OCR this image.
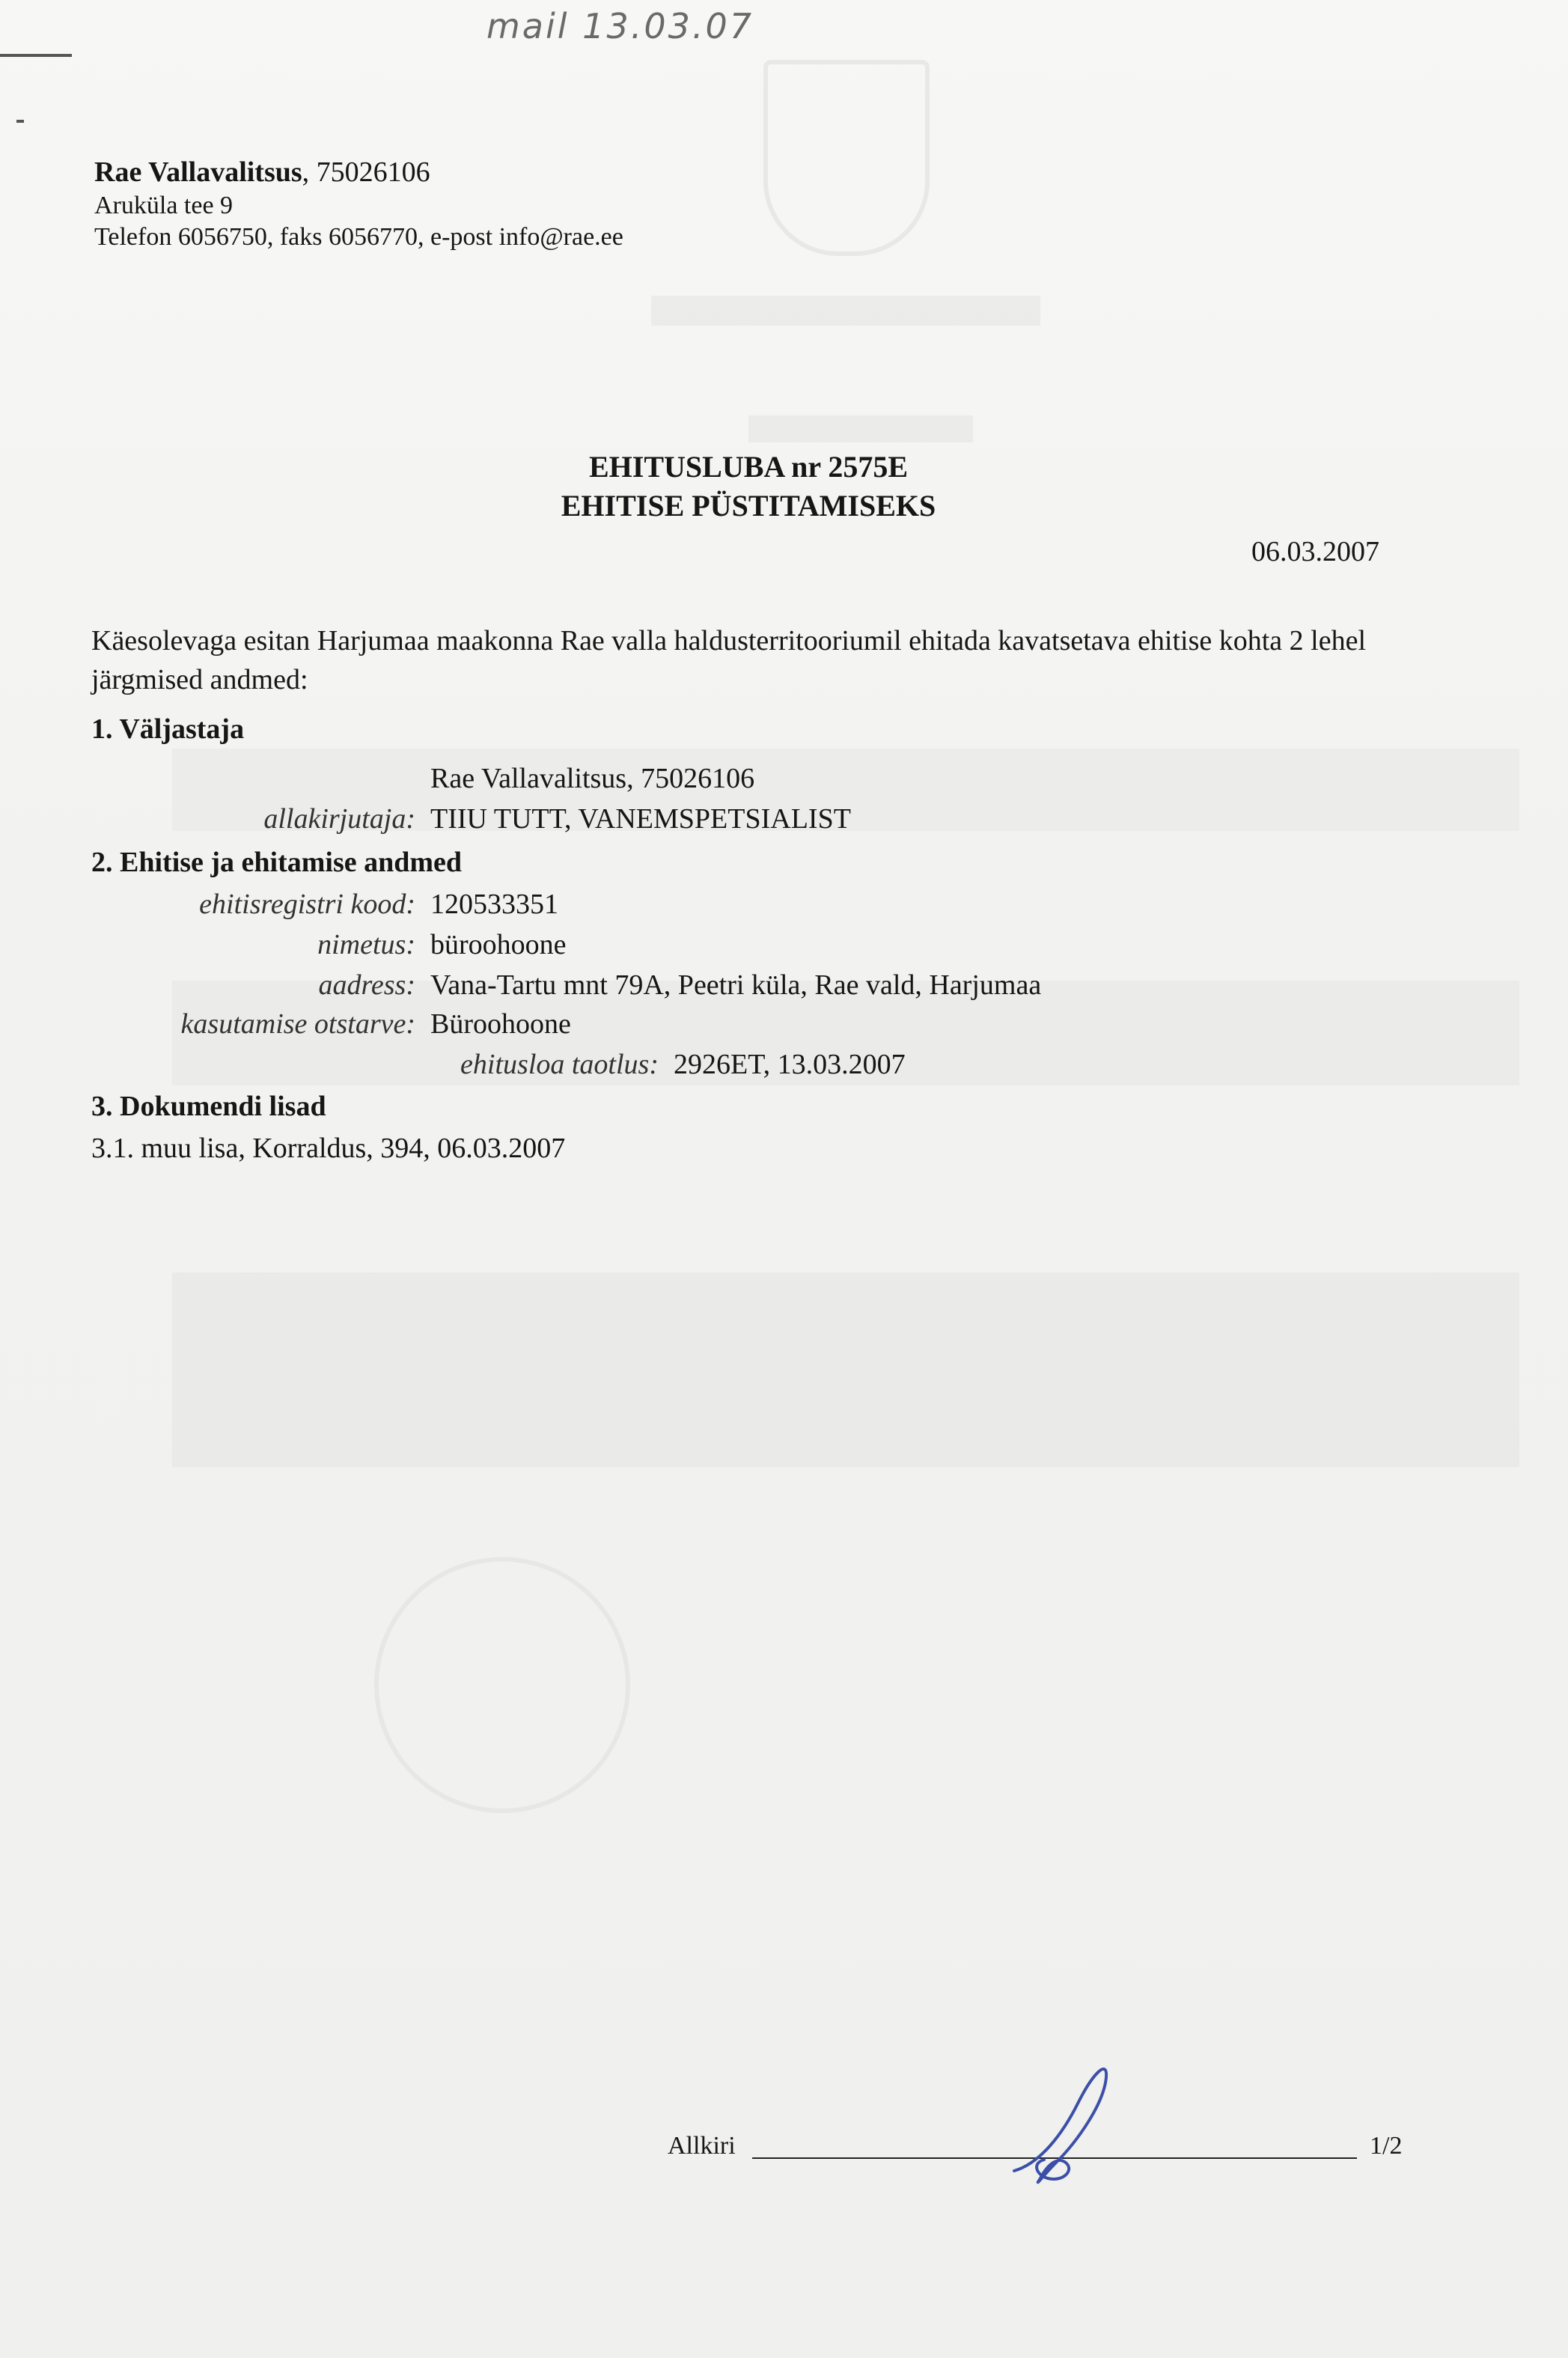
mail 13.03.07
Rae Vallavalitsus, 75026106
Aruküla tee 9
Telefon 6056750, faks 6056770, e-post info@rae.ee
EHITUSLUBA nr 2575E
EHITISE PÜSTITAMISEKS
06.03.2007
Käesolevaga esitan Harjumaa maakonna Rae valla haldusterritooriumil ehitada kavatsetava ehitise kohta 2 lehel järgmised andmed:
1. Väljastaja
Rae Vallavalitsus, 75026106
allakirjutaja: TIIU TUTT, VANEMSPETSIALIST
2. Ehitise ja ehitamise andmed
ehitisregistri kood: 120533351
nimetus: büroohoone
aadress: Vana-Tartu mnt 79A, Peetri küla, Rae vald, Harjumaa
kasutamise otstarve: Büroohoone
ehitusloa taotlus: 2926ET, 13.03.2007
3. Dokumendi lisad
3.1. muu lisa, Korraldus, 394, 06.03.2007
Allkiri	1/2
